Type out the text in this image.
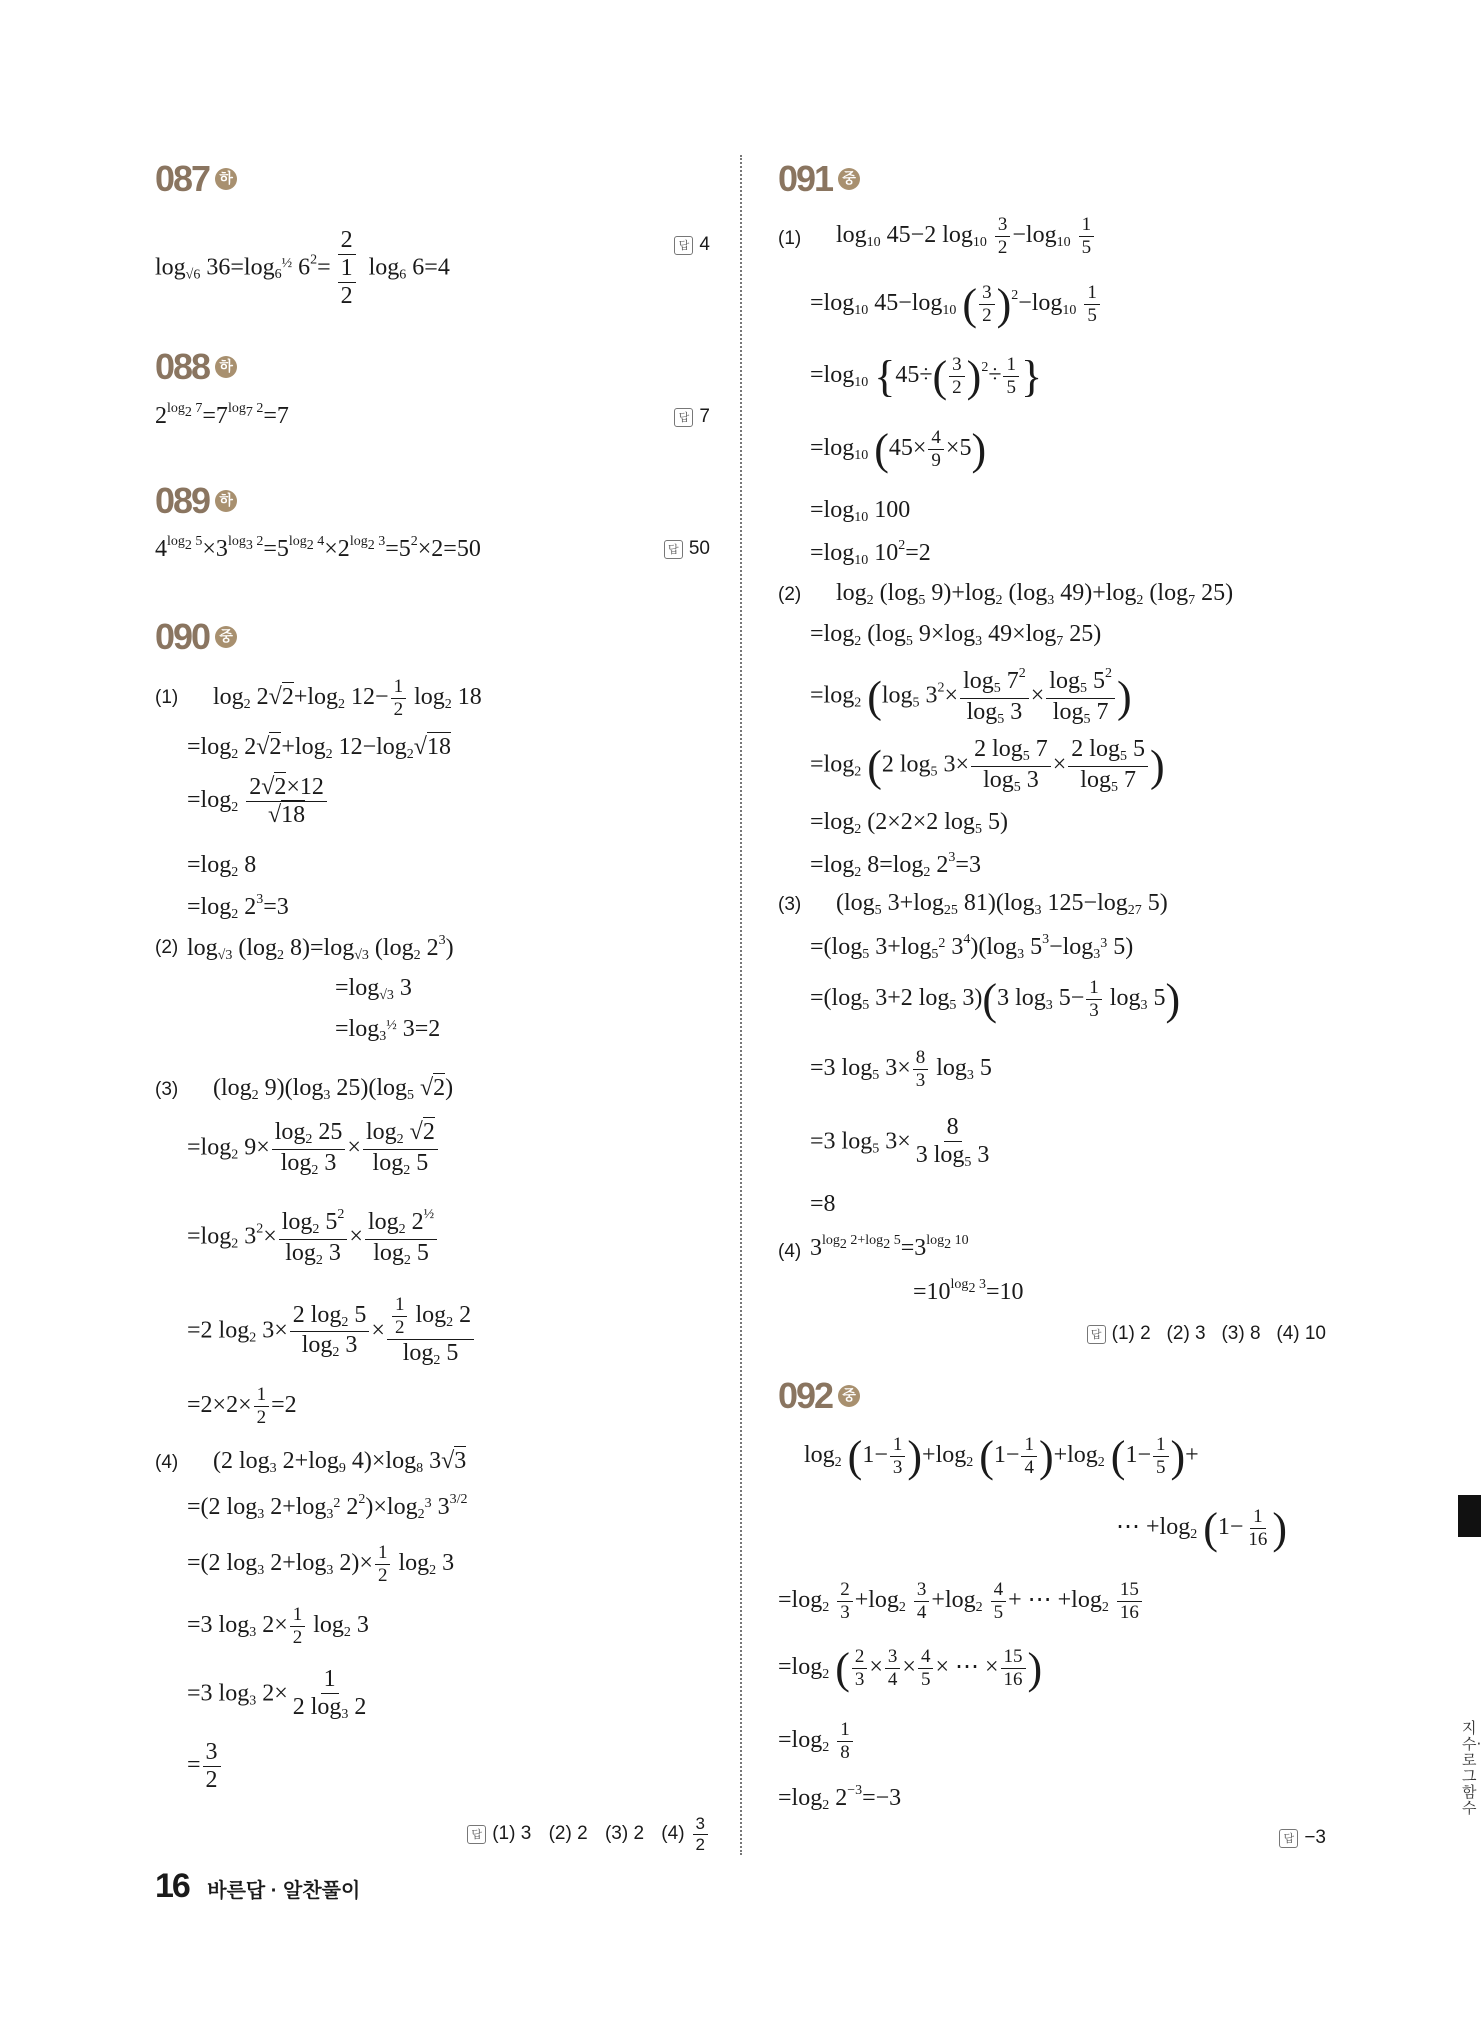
087 하
$\log_{√6} 36=\log_{6^{\frac{1}{2}}}$ $6^2= \frac{2}{\frac{1}{2}} \log_6 6=4$
답 4
088 하
$2^{log_2 7}=7^{log_7 2}=7$	답 7
089 하
$4^{log_2 5}\times 3^{log_3 2}=5^{log_2 4}\times 2^{log_2 3}=5^2\times 2=50$	답 50
090 중
(1) $\log_2 2√2+\log_2$ $12- \frac{1}{2} \log_2 18$
$=\log_2$ $2√2+\log_2$ $12-\log_2√18$
$=\log_2 \frac{2√2\times 12}{√18}$
$=\log_2$ 8
$=\log_2$ $2^3=3$
(2) $\log_{√3} (\log_2$ $8)=\log_{√3}$ ($\log_2$ $2^3$)
$=\log_{√3}$ 3
$=\log_{3^{\frac{1}{2}}}$ 3=2
(3) ($\log_2$ $9)(\log_3$ $25)(\log_5$ √2)
$=\log_2$ $9\times \frac{\log_2 25}{\log_2 3} \times \frac{\log_2 √2}{\log_2 5}$
$=\log_2$ $3^2\times \frac{\log_2 5^2}{\log_2 3} \times \frac{\log_2 2^{\frac{1}{2}}}{\log_2 5}$
=2 $\log_2 3\times \frac{2 \log_2 5}{\log_2 3} \times \frac{\frac{1}{2} \log_2 2}{\log_2 5}$
$=2\times 2\times \frac{1}{2} =2$
(4) (2 $\log_3 2+\log_9$ $4)\times\log_8$ 3√3
=(2 $\log_3 2+\log_{3^2}$ $2^2)\times\log_{2^3}$ $3^{3/2}$
=(2 $\log_3 2+\log_3$ $2)\times \frac{1}{2} \log_2 3$
=3 $\log_3 2\times \frac{1}{2} \log_2 3$
=3 $\log_3 2\times \frac{1}{2 \log_3 2}$
= $\frac{3}{2}$
답 (1) 3
(2) 2
(3) 2
$(4) \frac{3}{2}$
091 중
(1) $\log_{10} 45-2$ $\log_{10} \frac{3}{2} -\log_{10} \frac{1}{5}$
$=\log_{10}$ $45-\log_{10}$ ( $\frac{3}{2} )^2-\log_{10} \frac{1}{5}$
$=\log_{10}$ {$45\div( \frac{3}{2} )^2\div \frac{1}{5}$ }
$=\log_{10}$ $(45\times \frac{4}{9} \times 5)$
$=\log_{10}$ 100
$=\log_{10}$ $10^2=2$
(2) $\log_2 (\log_5$ $9)+\log_2$ ($\log_3$ $49)+\log_2$ ($\log_7$ 25)
$=\log_2$ ($\log_5$ $9\times\log_3$ $49\times\log_7$ 25)
$=\log_2$ ($\log_5$ $3^2\times \frac{\log_5 7^2}{\log_5 3} \times \frac{\log_5 5^2}{\log_5 7}$ )
$=\log_2$ (2 $\log_5 3\times \frac{2 \log_5 7}{\log_5 3} \times \frac{2 \log_5 5}{\log_5 7}$ )
$=\log_2$ (2×2×2 $\log_5 5$)
$=\log_2$ $8=\log_2$ $2^3=3$
(3) ($\log_5$ $3+\log_{25}$ $81)(\log_3$ $125-\log_{27}$ 5)
$=(\log_5$ $3+\log_{5^2}$ $3^4)(\log_3$ $5^3-\log_{3^3}$ 5)
$=(\log_5$ 3+2 $\log_5 3)(3$ $\log_3 5- \frac{1}{3} \log_3 5$)
=3 $\log_5 3\times \frac{8}{3} \log_3 5$
=3 $\log_5 3\times \frac{8}{3 \log_5 3}$
=8
(4) $3^{log_2 2+log_2 5}=3^{log_2 10}$
$=10^{log_2 3}=10$
답 (1) 2   (2) 3   (3) 8   (4) 10
092 중
$\log_2 (1- \frac{1}{3} )+\log_2$ $(1- \frac{1}{4} )+\log_2$ ($1- \frac{1}{5}$ )+
⋯ $+\log_2$ ($1- \frac{1}{16}$ )
$=\log_2 \frac{2}{3} +\log_2 \frac{3}{4} +\log_2 \frac{4}{5}$ + ⋯ $+\log_2 \frac{15}{16}$
$=\log_2$ ( $\frac{2}{3} \times \frac{3}{4} \times \frac{4}{5}$ × ⋯ × $\frac{15}{16}$ )
$=\log_2 \frac{1}{8}$
$=\log_2$ $2^{-3}=-3$
답 −3
16 바른답 · 알찬풀이
지수·로그함수
